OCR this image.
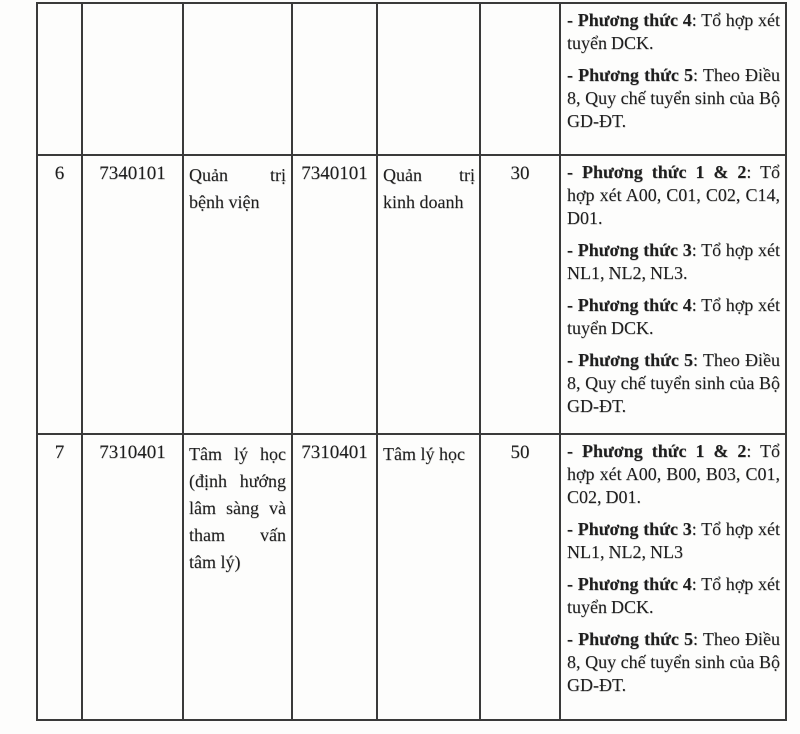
						- Phương thức 4: Tổ hợp xét tuyển DCK.

- Phương thức 5: Theo Điều 8, Quy chế tuyển sinh của Bộ GD-ĐT.

6	7340101	Quản trị bệnh viện	7340101	Quản trị kinh doanh	30	- Phương thức 1 & 2: Tổ hợp xét A00, C01, C02, C14, D01.

- Phương thức 3: Tổ hợp xét NL1, NL2, NL3.

- Phương thức 4: Tổ hợp xét tuyển DCK.

- Phương thức 5: Theo Điều 8, Quy chế tuyển sinh của Bộ GD-ĐT.

7	7310401	Tâm lý học (định hướng lâm sàng và tham vấn tâm lý)	7310401	Tâm lý học	50	- Phương thức 1 & 2: Tổ hợp xét A00, B00, B03, C01, C02, D01.

- Phương thức 3: Tổ hợp xét NL1, NL2, NL3

- Phương thức 4: Tổ hợp xét tuyển DCK.

- Phương thức 5: Theo Điều 8, Quy chế tuyển sinh của Bộ GD-ĐT.
